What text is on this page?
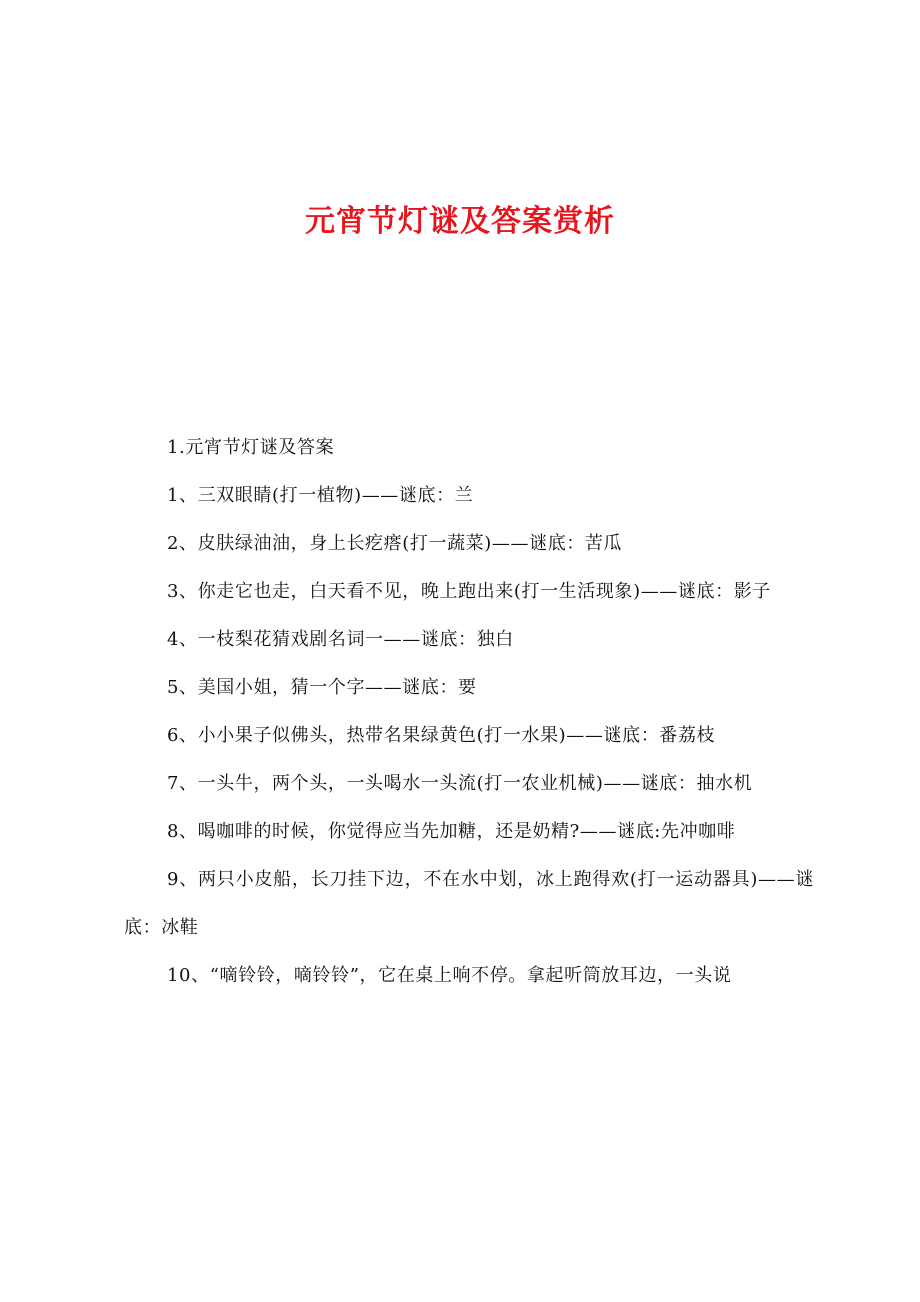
元宵节灯谜及答案赏析

1.元宵节灯谜及答案

1、三双眼睛(打一植物)——谜底：兰

2、皮肤绿油油，身上长疙瘩(打一蔬菜)——谜底：苦瓜

3、你走它也走，白天看不见，晚上跑出来(打一生活现象)——谜底：影子

4、一枝梨花猜戏剧名词一——谜底：独白

5、美国小姐，猜一个字——谜底：要

6、小小果子似佛头，热带名果绿黄色(打一水果)——谜底：番荔枝

7、一头牛，两个头，一头喝水一头流(打一农业机械)——谜底：抽水机

8、喝咖啡的时候，你觉得应当先加糖，还是奶精?——谜底:先冲咖啡

9、两只小皮船，长刀挂下边，不在水中划，冰上跑得欢(打一运动器具)——谜底：冰鞋

10、“嘀铃铃，嘀铃铃”，它在桌上响不停。拿起听筒放耳边，一头说
